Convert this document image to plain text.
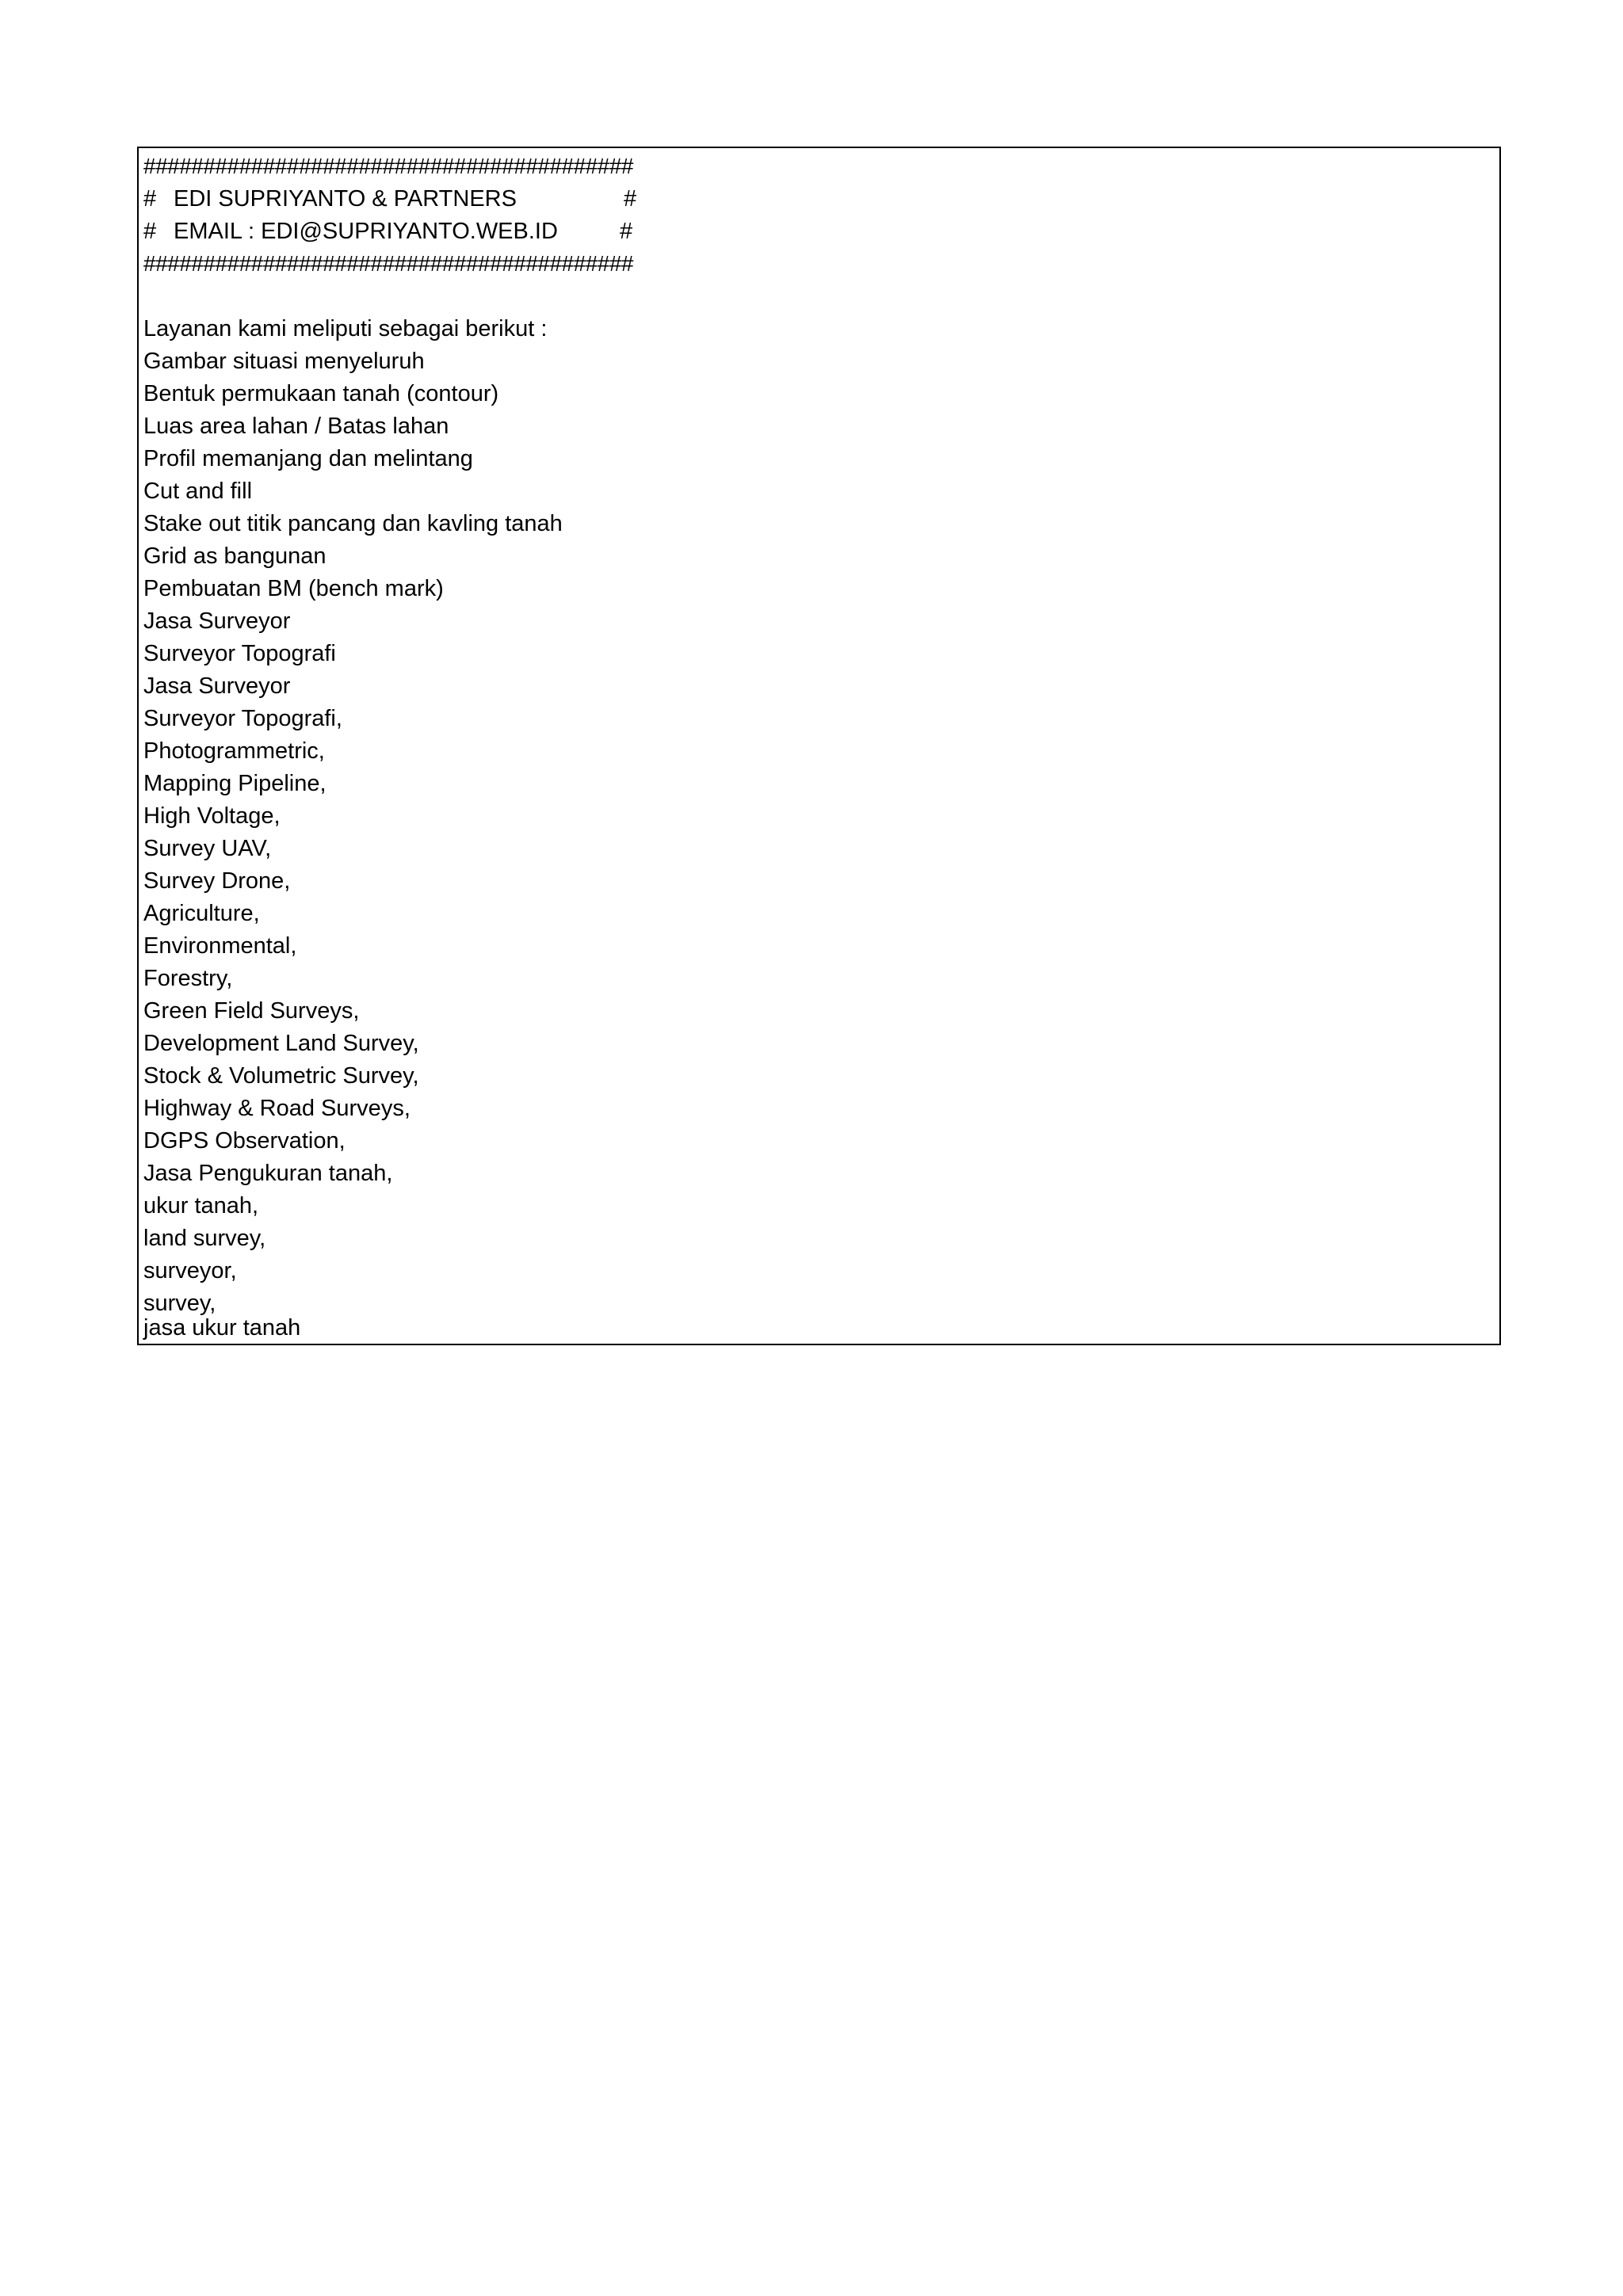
#########################################
# EDI SUPRIYANTO & PARTNERS	#
# EMAIL : EDI@SUPRIYANTO.WEB.ID	#
#########################################
Layanan kami meliputi sebagai berikut :
Gambar situasi menyeluruh
Bentuk permukaan tanah (contour)
Luas area lahan / Batas lahan
Profil memanjang dan melintang
Cut and fill
Stake out titik pancang dan kavling tanah
Grid as bangunan
Pembuatan BM (bench mark)
Jasa Surveyor
Surveyor Topografi
Jasa Surveyor
Surveyor Topografi,
Photogrammetric,
Mapping Pipeline,
High Voltage,
Survey UAV,
Survey Drone,
Agriculture,
Environmental,
Forestry,
Green Field Surveys,
Development Land Survey,
Stock & Volumetric Survey,
Highway & Road Surveys,
DGPS Observation,
Jasa Pengukuran tanah,
ukur tanah,
land survey,
surveyor,
survey,
jasa ukur tanah
